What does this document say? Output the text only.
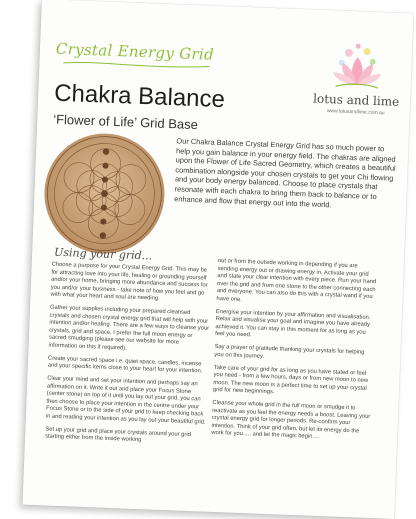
Crystal Energy Grid
Chakra Balance
‘Flower of Life’ Grid Base
lotus and lime
www.lotusandlime.com.au

Our Chakra Balance Crystal Energy Grid has so much power to help you gain balance in your energy field. The chakras are aligned upon the Flower of Life Sacred Geometry, which creates a beautiful combination alongside your chosen crystals to get your Chi flowing and your body energy balanced. Choose to place crystals that resonate with each chakra to bring them back to balance or to enhance and flow that energy out into the world.

Using your grid...

Choose a purpose for your Crystal Energy Grid. This may be for attracting love into your life, healing or grounding yourself and/or your home, bringing more abundance and success for you and/or your business - take note of how you feel and go with what your heart and soul are needing.

Gather your supplies including your prepared cleansed crystals and chosen crystal energy grid that will help with your intention and/or healing. There are a few ways to cleanse your crystals, grid and space, I prefer the full moon energy or sacred smudging (please see our website for more information on this if required).

Create your sacred space i.e. quiet space, candles, incense and your specific items close to your heart for your intention.

Clear your mind and set your intention and perhaps say an affirmation on it. Write it out and place your Focus Stone (center stone) on top of it until you lay out your grid, you can then choose to place your intention in the centre under your Focus Stone or to the side of your grid to keep checking back in and reading your intention as you lay out your beautiful grid.

Set up your grid and place your crystals around your grid starting either from the inside working

out or from the outside working in depending if you are sending energy out or drawing energy in. Activate your grid and state your clear intention with every piece. Run your hand over the grid and from one stone to the other connecting each and everyone. You can also do this with a crystal wand if you have one.

Energise your intention by your affirmation and visualisation. Relax and visualise your goal and imagine you have already achieved it. You can stay in this moment for as long as you feel you need.

Say a prayer of gratitude thanking your crystals for helping you on this journey.

Take care of your grid for as long as you have stated or feel you need - from a few hours, days or from new moon to new moon. The new moon is a perfect time to set up your crystal grid for new beginnings.

Cleanse your whole grid in the full moon or smudge it to reactivate as you feel the energy needs a boost. Leaving your crystal energy grid for longer periods. Re-confirm your intention. Think of your grid often, but let its energy do the work for you..... and let the magic begin....
